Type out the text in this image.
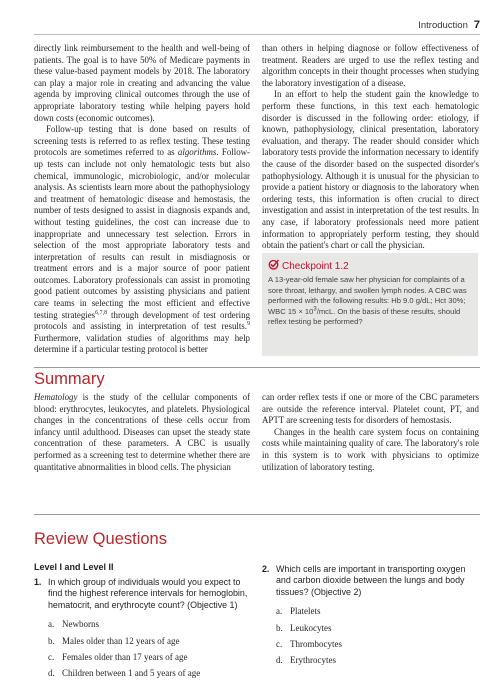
Introduction 7

directly link reimbursement to the health and well-being of patients. The goal is to have 50% of Medicare payments in these value-based payment models by 2018. The laboratory can play a major role in creating and advancing the value agenda by improving clinical outcomes through the use of appropriate laboratory testing while helping payers hold down costs (economic outcomes).

Follow-up testing that is done based on results of screening tests is referred to as reflex testing. These testing protocols are sometimes referred to as algorithms. Follow-up tests can include not only hematologic tests but also chemical, immunologic, microbiologic, and/or molecular analysis. As scientists learn more about the pathophysiology and treatment of hematologic disease and hemostasis, the number of tests designed to assist in diagnosis expands and, without testing guidelines, the cost can increase due to inappropriate and unnecessary test selection. Errors in selection of the most appropriate laboratory tests and interpretation of results can result in misdiagnosis or treatment errors and is a major source of poor patient outcomes. Laboratory professionals can assist in promoting good patient outcomes by assisting physicians and patient care teams in selecting the most efficient and effective testing strategies$^{6,7,8}$ through development of test ordering protocols and assisting in interpretation of test results.$^9$ Furthermore, validation studies of algorithms may help determine if a particular testing protocol is better

than others in helping diagnose or follow effectiveness of treatment. Readers are urged to use the reflex testing and algorithm concepts in their thought processes when studying the laboratory investigation of a disease.

In an effort to help the student gain the knowledge to perform these functions, in this text each hematologic disorder is discussed in the following order: etiology, if known, pathophysiology, clinical presentation, laboratory evaluation, and therapy. The reader should consider which laboratory tests provide the information necessary to identify the cause of the disorder based on the suspected disorder's pathophysiology. Although it is unusual for the physician to provide a patient history or diagnosis to the laboratory when ordering tests, this information is often crucial to direct investigation and assist in interpretation of the test results. In any case, if laboratory professionals need more patient information to appropriately perform testing, they should obtain the patient's chart or call the physician.

Checkpoint 1.2
A 13-year-old female saw her physician for complaints of a sore throat, lethargy, and swollen lymph nodes. A CBC was performed with the following results: Hb 9.0 g/dL; Hct 30%; WBC $15 \times 10^3$/mcL. On the basis of these results, should reflex testing be performed?
Summary

Hematology is the study of the cellular components of blood: erythrocytes, leukocytes, and platelets. Physiological changes in the concentrations of these cells occur from infancy until adulthood. Diseases can upset the steady state concentration of these parameters. A CBC is usually performed as a screening test to determine whether there are quantitative abnormalities in blood cells. The physician

can order reflex tests if one or more of the CBC parameters are outside the reference interval. Platelet count, PT, and APTT are screening tests for disorders of hemostasis.

Changes in the health care system focus on containing costs while maintaining quality of care. The laboratory's role in this system is to work with physicians to optimize utilization of laboratory testing.

Review Questions
Level I and Level II
1. In which group of individuals would you expect to find the highest reference intervals for hemoglobin, hematocrit, and erythrocyte count? (Objective 1)
a. Newborns
b. Males older than 12 years of age
c. Females older than 17 years of age
d. Children between 1 and 5 years of age
2. Which cells are important in transporting oxygen and carbon dioxide between the lungs and body tissues? (Objective 2)
a. Platelets
b. Leukocytes
c. Thrombocytes
d. Erythrocytes
